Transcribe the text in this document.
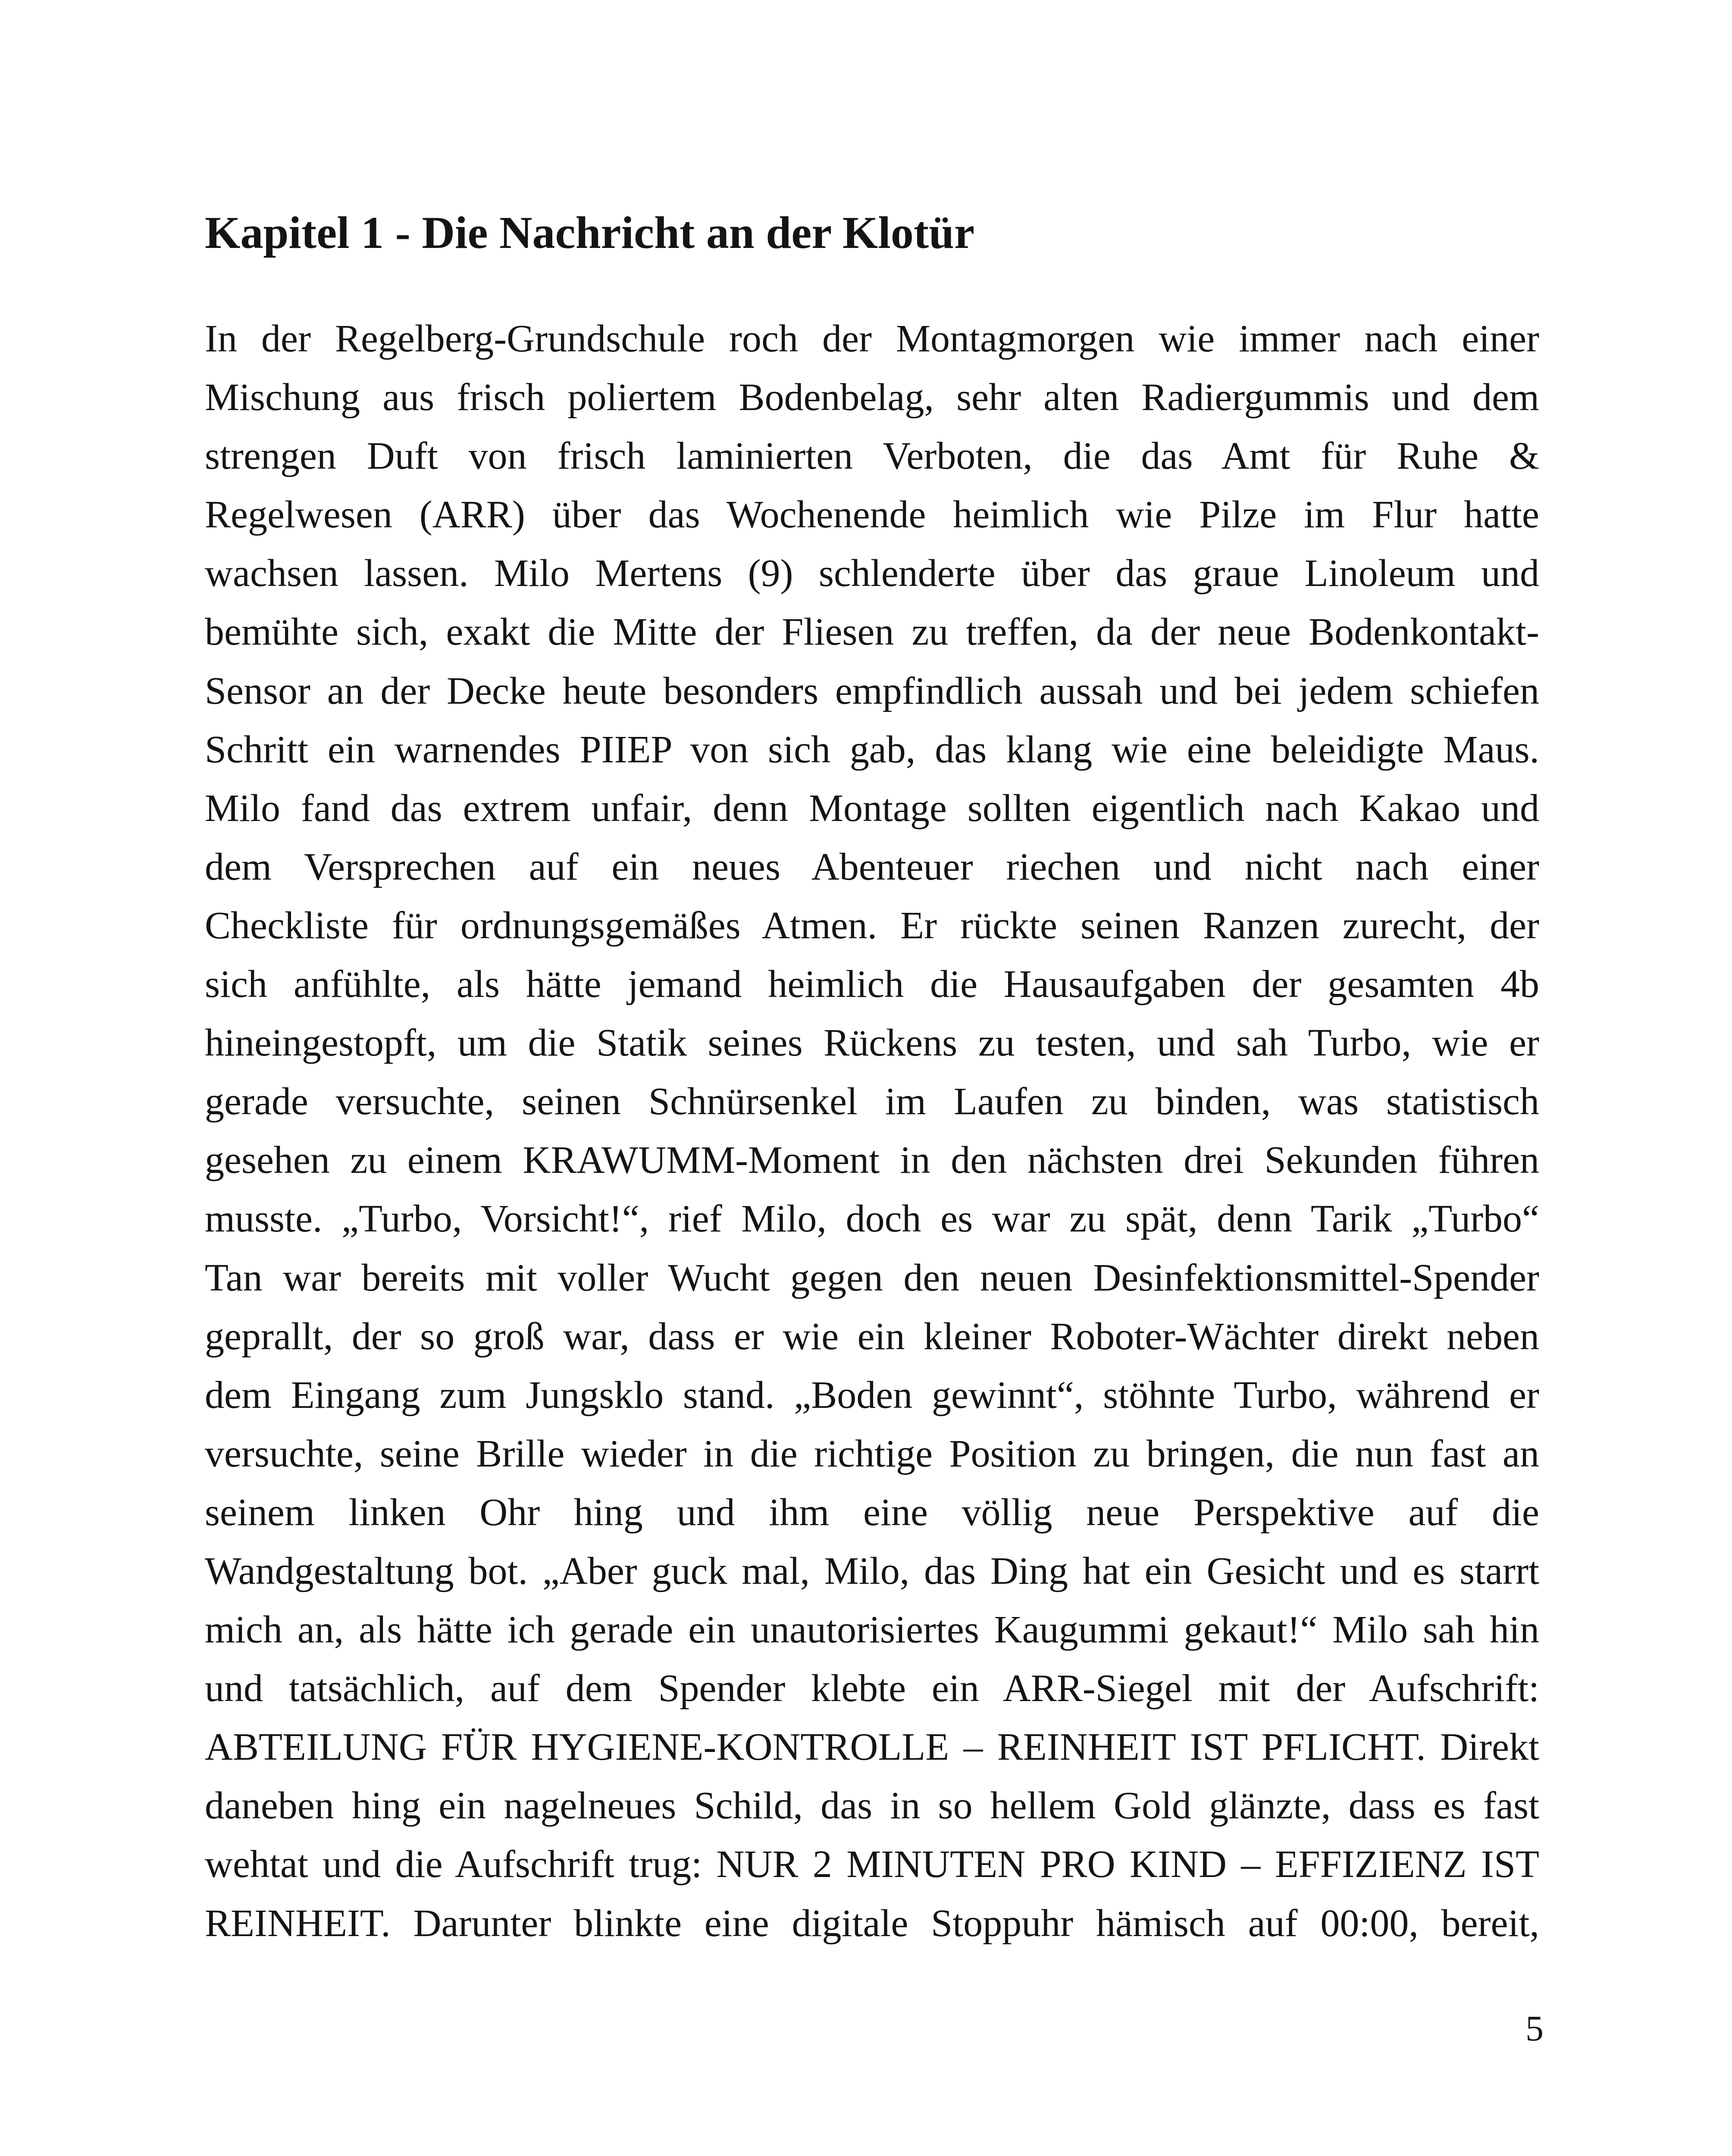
Kapitel 1 - Die Nachricht an der Klotür
In der Regelberg-Grundschule roch der Montagmorgen wie immer nach einer
Mischung aus frisch poliertem Bodenbelag, sehr alten Radiergummis und dem
strengen Duft von frisch laminierten Verboten, die das Amt für Ruhe &
Regelwesen (ARR) über das Wochenende heimlich wie Pilze im Flur hatte
wachsen lassen. Milo Mertens (9) schlenderte über das graue Linoleum und
bemühte sich, exakt die Mitte der Fliesen zu treffen, da der neue Bodenkontakt-
Sensor an der Decke heute besonders empfindlich aussah und bei jedem schiefen
Schritt ein warnendes PIIEP von sich gab, das klang wie eine beleidigte Maus.
Milo fand das extrem unfair, denn Montage sollten eigentlich nach Kakao und
dem Versprechen auf ein neues Abenteuer riechen und nicht nach einer
Checkliste für ordnungsgemäßes Atmen. Er rückte seinen Ranzen zurecht, der
sich anfühlte, als hätte jemand heimlich die Hausaufgaben der gesamten 4b
hineingestopft, um die Statik seines Rückens zu testen, und sah Turbo, wie er
gerade versuchte, seinen Schnürsenkel im Laufen zu binden, was statistisch
gesehen zu einem KRAWUMM-Moment in den nächsten drei Sekunden führen
musste. „Turbo, Vorsicht!“, rief Milo, doch es war zu spät, denn Tarik „Turbo“
Tan war bereits mit voller Wucht gegen den neuen Desinfektionsmittel-Spender
geprallt, der so groß war, dass er wie ein kleiner Roboter-Wächter direkt neben
dem Eingang zum Jungsklo stand. „Boden gewinnt“, stöhnte Turbo, während er
versuchte, seine Brille wieder in die richtige Position zu bringen, die nun fast an
seinem linken Ohr hing und ihm eine völlig neue Perspektive auf die
Wandgestaltung bot. „Aber guck mal, Milo, das Ding hat ein Gesicht und es starrt
mich an, als hätte ich gerade ein unautorisiertes Kaugummi gekaut!“ Milo sah hin
und tatsächlich, auf dem Spender klebte ein ARR-Siegel mit der Aufschrift:
ABTEILUNG FÜR HYGIENE-KONTROLLE – REINHEIT IST PFLICHT. Direkt
daneben hing ein nagelneues Schild, das in so hellem Gold glänzte, dass es fast
wehtat und die Aufschrift trug: NUR 2 MINUTEN PRO KIND – EFFIZIENZ IST
REINHEIT. Darunter blinkte eine digitale Stoppuhr hämisch auf 00:00, bereit,
5
